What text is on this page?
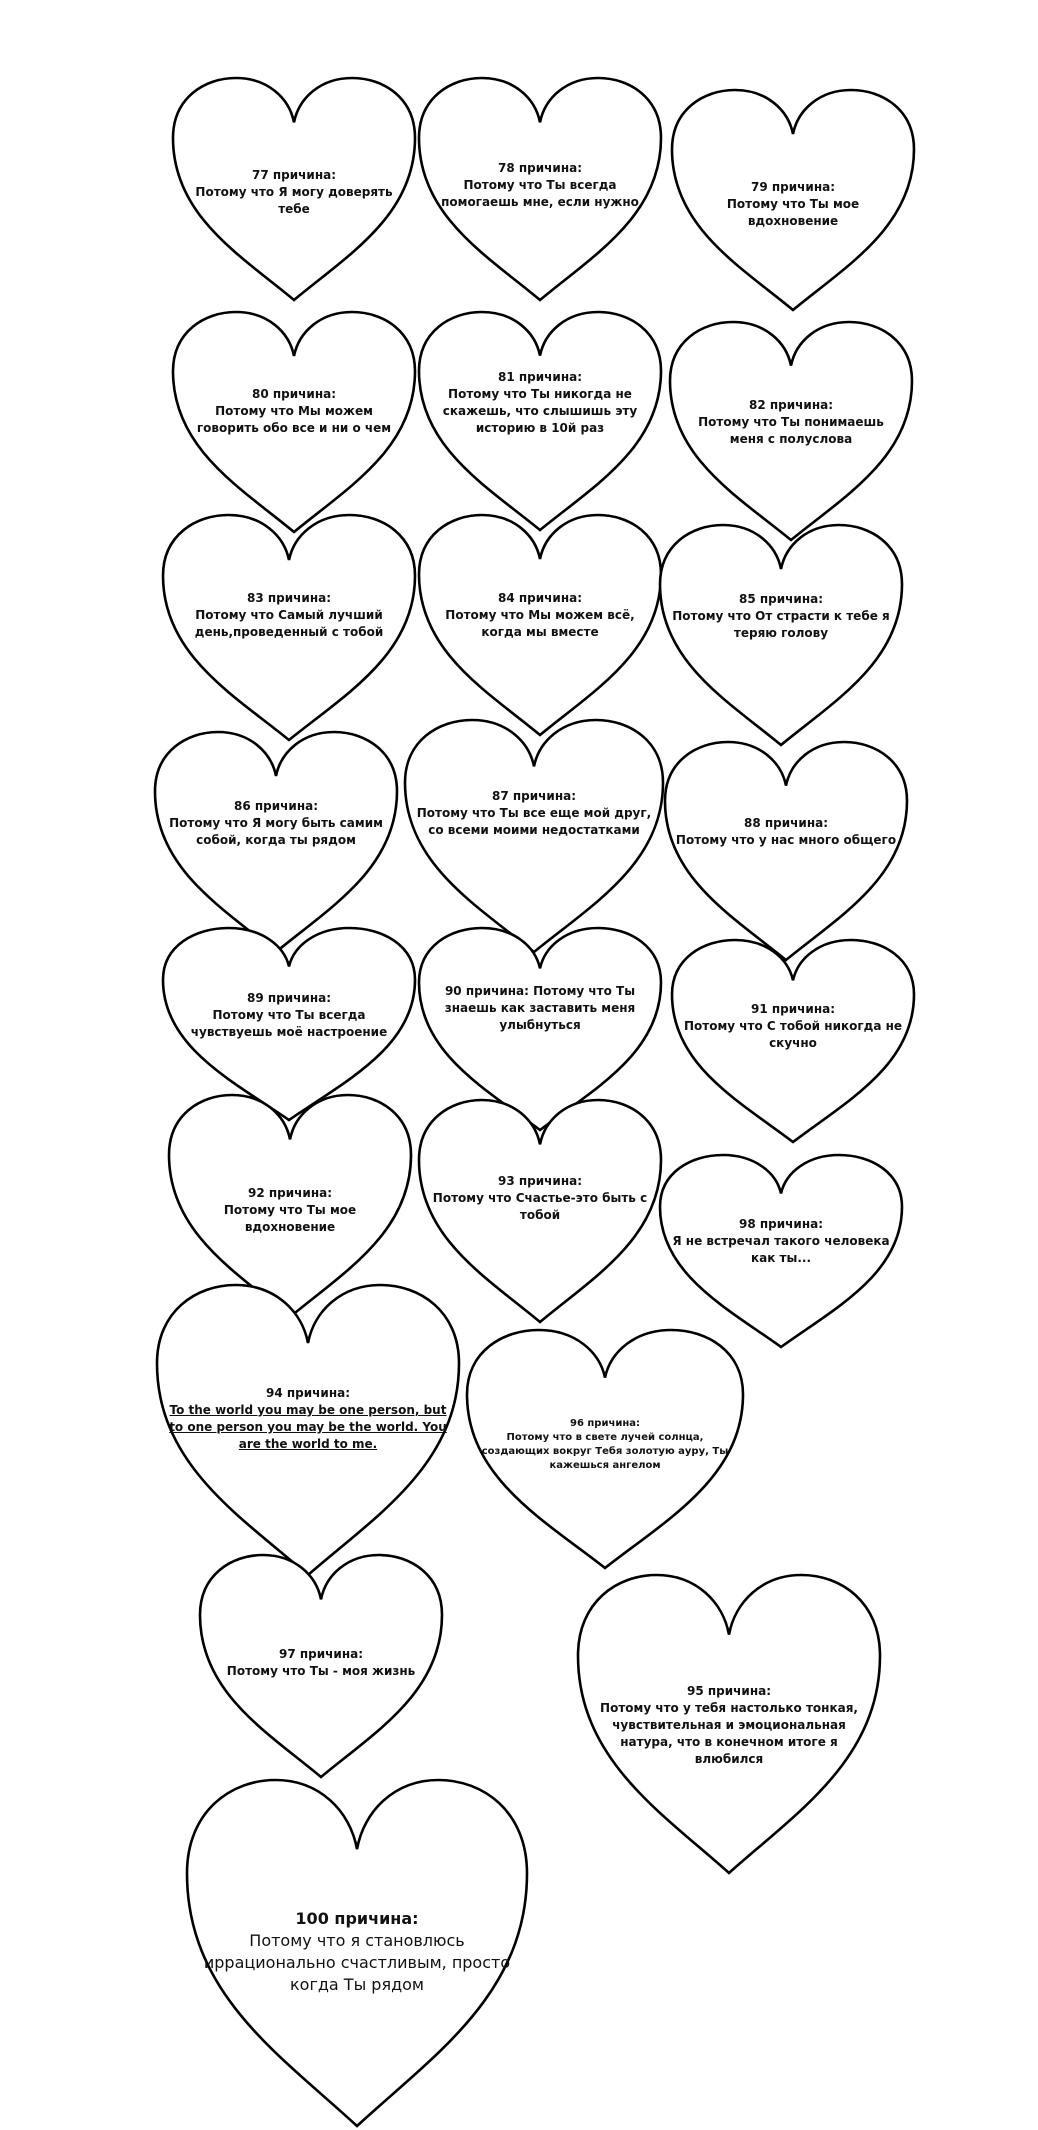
77 причина:
Потому что Я могу доверять тебе
78 причина:
Потому что Ты всегда помогаешь мне, если нужно
79 причина:
Потому что Ты мое вдохновение
80 причина:
Потому что Мы можем говорить обо все и ни о чем
81 причина:
Потому что Ты никогда не скажешь, что слышишь эту историю в 10й раз
82 причина:
Потому что Ты понимаешь меня с полуслова
83 причина:
Потому что Самый лучший день,проведенный с тобой
84 причина:
Потому что Мы можем всё, когда мы вместе
85 причина:
Потому что От страсти к тебе я теряю голову
86 причина:
Потому что Я могу быть самим собой, когда ты рядом
87 причина:
Потому что Ты все еще мой друг, со всеми моими недостатками	88 причина:
Потому что у нас много общего
89 причина:
Потому что Ты всегда чувствуешь моё настроение
90 причина: Потому что Ты
знаешь как заставить меня улыбнуться
91 причина:
Потому что С тобой никогда не скучно
92 причина:
Потому что Ты мое вдохновение
93 причина:
Потому что Счастье-это быть с тобой
98 причина:
Я не встречал такого человека как ты...
94 причина:
To the world you may be one person, but to one person you may be the world. You are the world to me.
96 причина:
Потому что в свете лучей солнца, создающих вокруг Тебя золотую ауру, Ты кажешься ангелом
97 причина:
Потому что Ты - моя жизнь
95 причина:
Потому что у тебя настолько тонкая, чувствительная и эмоциональная натура, что в конечном итоге я влюбился
100 причина:
Потому что я становлюсь иррационально счастливым, просто когда Ты рядом
